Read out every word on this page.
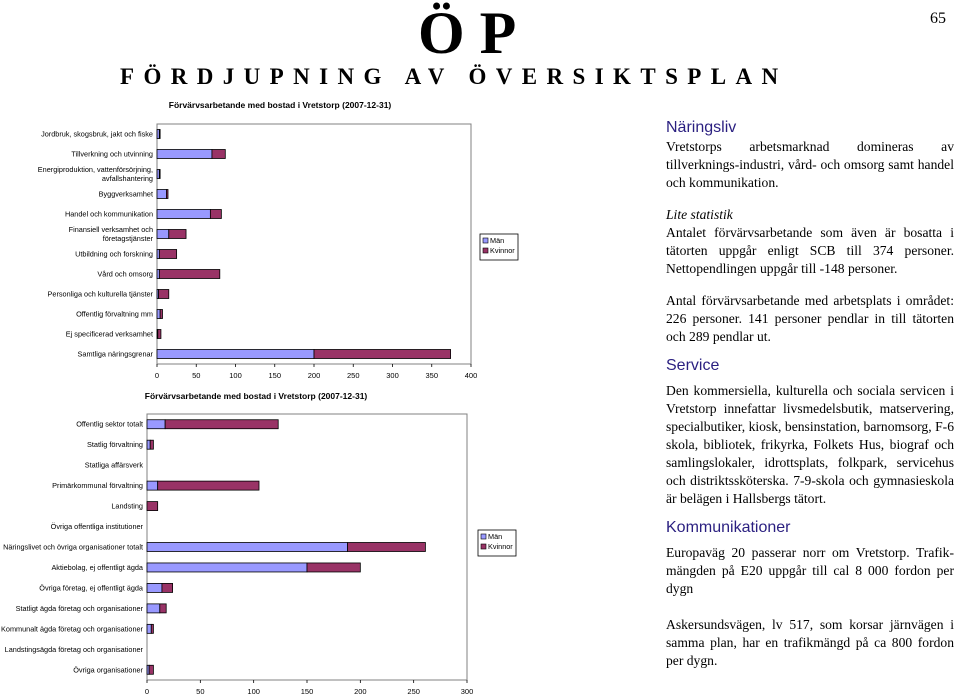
Ö P	65
FÖRDJUPNING AV ÖVERSIKTSPLAN
Förvärvsarbetande med bostad i Vretstorp (2007-12-31)
0	50	100	150	200	250	300	350	400
Jordbruk, skogsbruk, jakt och fiske
Tillverkning och utvinning
Energiproduktion, vattenförsörjning,
avfallshantering
Byggverksamhet
Handel och kommunikation
Finansiell verksamhet och
företagstjänster
Utbildning och forskning
Vård och omsorg
Personliga och kulturella tjänster
Offentlig förvaltning mm
Ej specificerad verksamhet
Samtliga näringsgrenar
Män
Kvinnor
Förvärvsarbetande med bostad i Vretstorp (2007-12-31)
0	50	100	150	200	250	300
Offentlig sektor totalt
Statlig förvaltning
Statliga affärsverk
Primärkommunal förvaltning
Landsting
Övriga offentliga institutioner
Näringslivet och övriga organisationer totalt
Aktiebolag, ej offentligt ägda
Övriga företag, ej offentligt ägda
Statligt ägda företag och organisationer
Kommunalt ägda företag och organisationer
Landstingsägda företag och organisationer
Övriga organisationer
Män
Kvinnor
Näringsliv

Vretstorps arbetsmarknad domineras av tillverknings-industri, vård- och omsorg samt handel och kommunikation.

Lite statistik

Antalet förvärvsarbetande som även är bosatta i tätorten uppgår enligt SCB till 374 personer. Nettopendlingen uppgår till -148 personer.

Antal förvärvsarbetande med arbetsplats i området: 226 personer. 141 personer pendlar in till tätorten och 289 pendlar ut.

Service

Den kommersiella, kulturella och sociala servicen i Vretstorp innefattar livsmedelsbutik, matservering, specialbutiker, kiosk, bensinstation, barnomsorg, F-6 skola, bibliotek, frikyrka, Folkets Hus, biograf och samlingslokaler, idrottsplats, folkpark, servicehus och distriktssköterska. 7-9-skola och gymnasieskola är belägen i Hallsbergs tätort.

Kommunikationer

Europaväg 20 passerar norr om Vretstorp. Trafik-mängden på E20 uppgår till cal 8 000 fordon per dygn

Askersundsvägen, lv 517, som korsar järnvägen i samma plan, har en trafikmängd på ca 800 fordon per dygn.
